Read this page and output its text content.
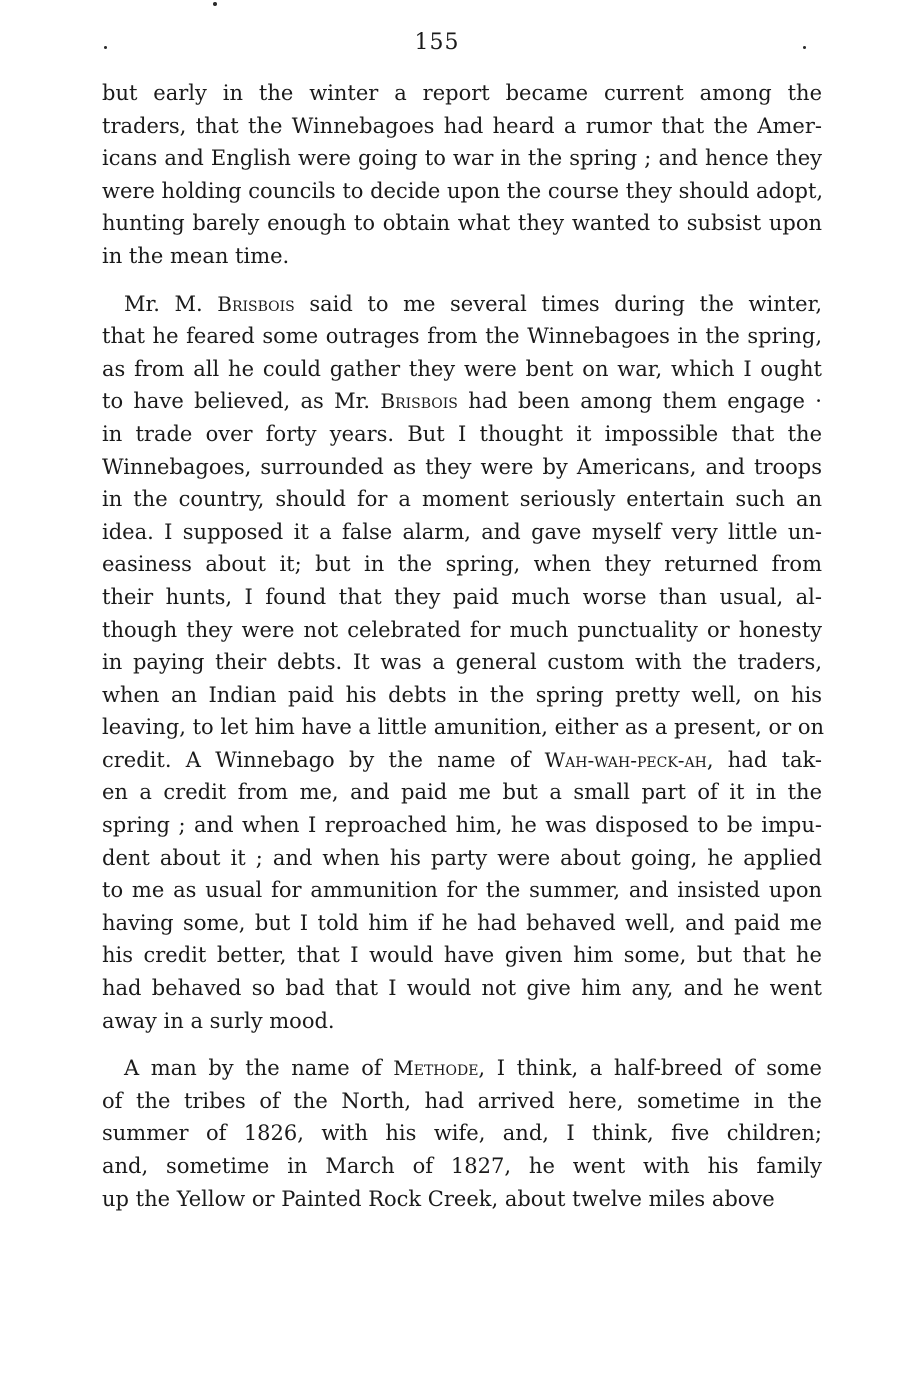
155

but early in the winter a report became current among the
traders, that the Winnebagoes had heard a rumor that the Amer-
icans and English were going to war in the spring ; and hence they
were holding councils to decide upon the course they should adopt,
hunting barely enough to obtain what they wanted to subsist upon
in the mean time.

Mr. M. Brisbois said to me several times during the winter,
that he feared some outrages from the Winnebagoes in the spring,
as from all he could gather they were bent on war, which I ought
to have believed, as Mr. Brisbois had been among them engage ·
in trade over forty years. But I thought it impossible that the
Winnebagoes, surrounded as they were by Americans, and troops
in the country, should for a moment seriously entertain such an
idea. I supposed it a false alarm, and gave myself very little un-
easiness about it; but in the spring, when they returned from
their hunts, I found that they paid much worse than usual, al-
though they were not celebrated for much punctuality or honesty
in paying their debts. It was a general custom with the traders,
when an Indian paid his debts in the spring pretty well, on his
leaving, to let him have a little amunition, either as a present, or on
credit. A Winnebago by the name of Wah-wah-peck-ah, had tak-
en a credit from me, and paid me but a small part of it in the
spring ; and when I reproached him, he was disposed to be impu-
dent about it ; and when his party were about going, he applied
to me as usual for ammunition for the summer, and insisted upon
having some, but I told him if he had behaved well, and paid me
his credit better, that I would have given him some, but that he
had behaved so bad that I would not give him any, and he went
away in a surly mood.

A man by the name of Methode, I think, a half-breed of some
of the tribes of the North, had arrived here, sometime in the
summer of 1826, with his wife, and, I think, five children;
and, sometime in March of 1827, he went with his family
up the Yellow or Painted Rock Creek, about twelve miles above
